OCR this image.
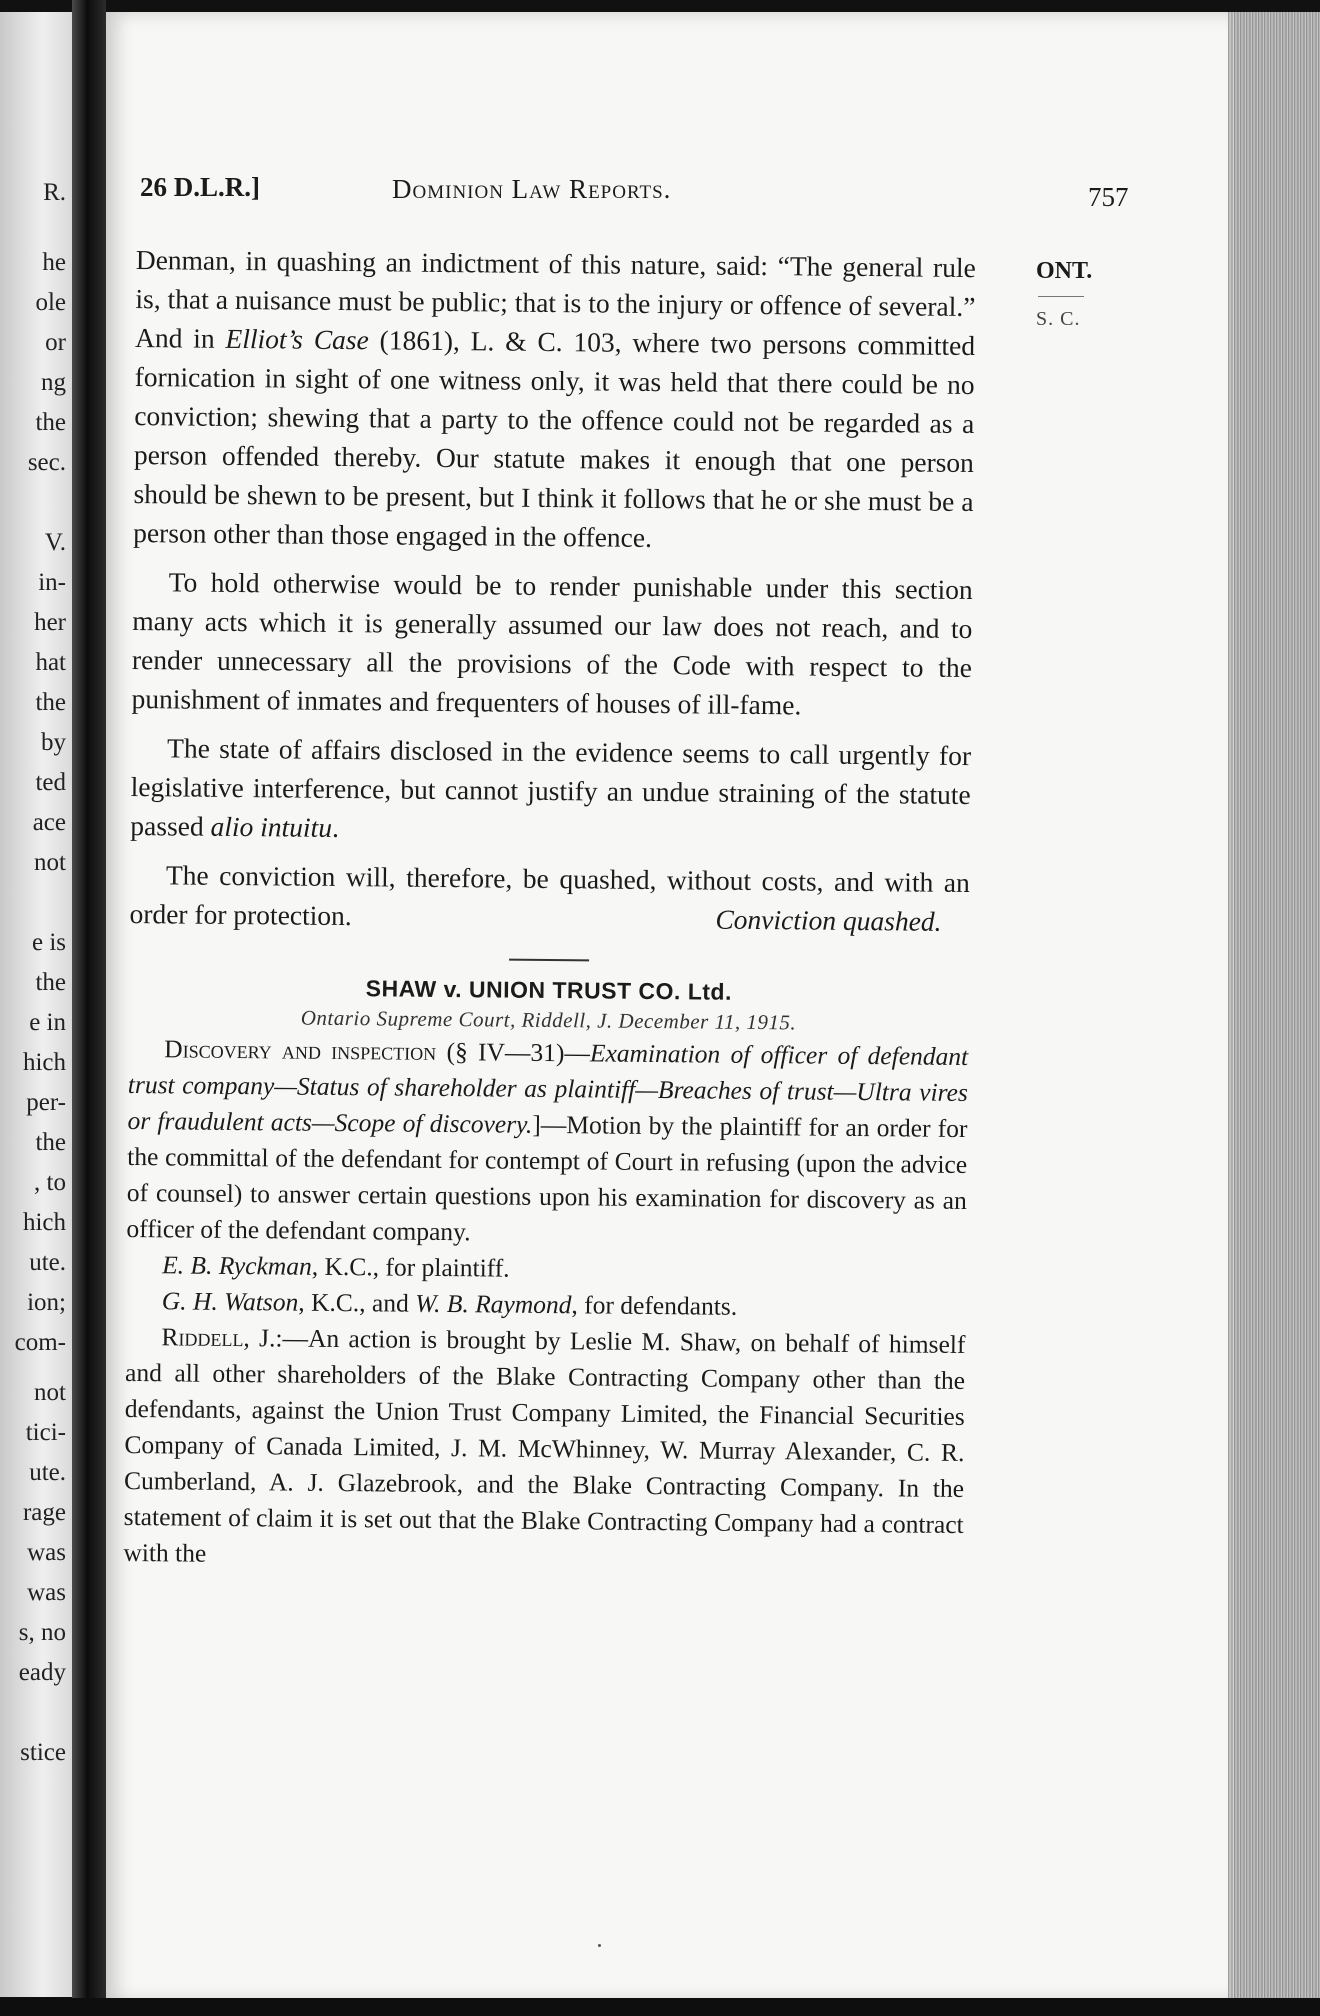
R.
he
ole
or
ng
the
sec.
V.
in-
her
hat
the
by
ted
ace
not
e is
the
e in
hich
per-
the
, to
hich
ute.
ion;
com-
not
tici-
ute.
rage
was
was
s, no
eady
stice
26 D.L.R.]	Dominion Law Reports.	757
ONT.
S. C.

Denman, in quashing an indictment of this nature, said: “The general rule is, that a nuisance must be public; that is to the injury or offence of several.” And in Elliot’s Case (1861), L. & C. 103, where two persons committed fornication in sight of one witness only, it was held that there could be no conviction; shewing that a party to the offence could not be regarded as a person offended thereby. Our statute makes it enough that one person should be shewn to be present, but I think it follows that he or she must be a person other than those engaged in the offence.

To hold otherwise would be to render punishable under this section many acts which it is generally assumed our law does not reach, and to render unnecessary all the provisions of the Code with respect to the punishment of inmates and frequenters of houses of ill-fame.

The state of affairs disclosed in the evidence seems to call urgently for legislative interference, but cannot justify an undue straining of the statute passed alio intuitu.

The conviction will, therefore, be quashed, without costs, and with an order for protection.	Conviction quashed.
SHAW v. UNION TRUST CO. Ltd.
Ontario Supreme Court, Riddell, J. December 11, 1915.

Discovery and inspection (§ IV—31)—Examination of officer of defendant trust company—Status of shareholder as plaintiff—Breaches of trust—Ultra vires or fraudulent acts—Scope of discovery.]—Motion by the plaintiff for an order for the committal of the defendant for contempt of Court in refusing (upon the advice of counsel) to answer certain questions upon his examination for discovery as an officer of the defendant company.

E. B. Ryckman, K.C., for plaintiff.

G. H. Watson, K.C., and W. B. Raymond, for defendants.

Riddell, J.:—An action is brought by Leslie M. Shaw, on behalf of himself and all other shareholders of the Blake Contracting Company other than the defendants, against the Union Trust Company Limited, the Financial Securities Company of Canada Limited, J. M. McWhinney, W. Murray Alexander, C. R. Cumberland, A. J. Glazebrook, and the Blake Contracting Company. In the statement of claim it is set out that the Blake Contracting Company had a contract with the
